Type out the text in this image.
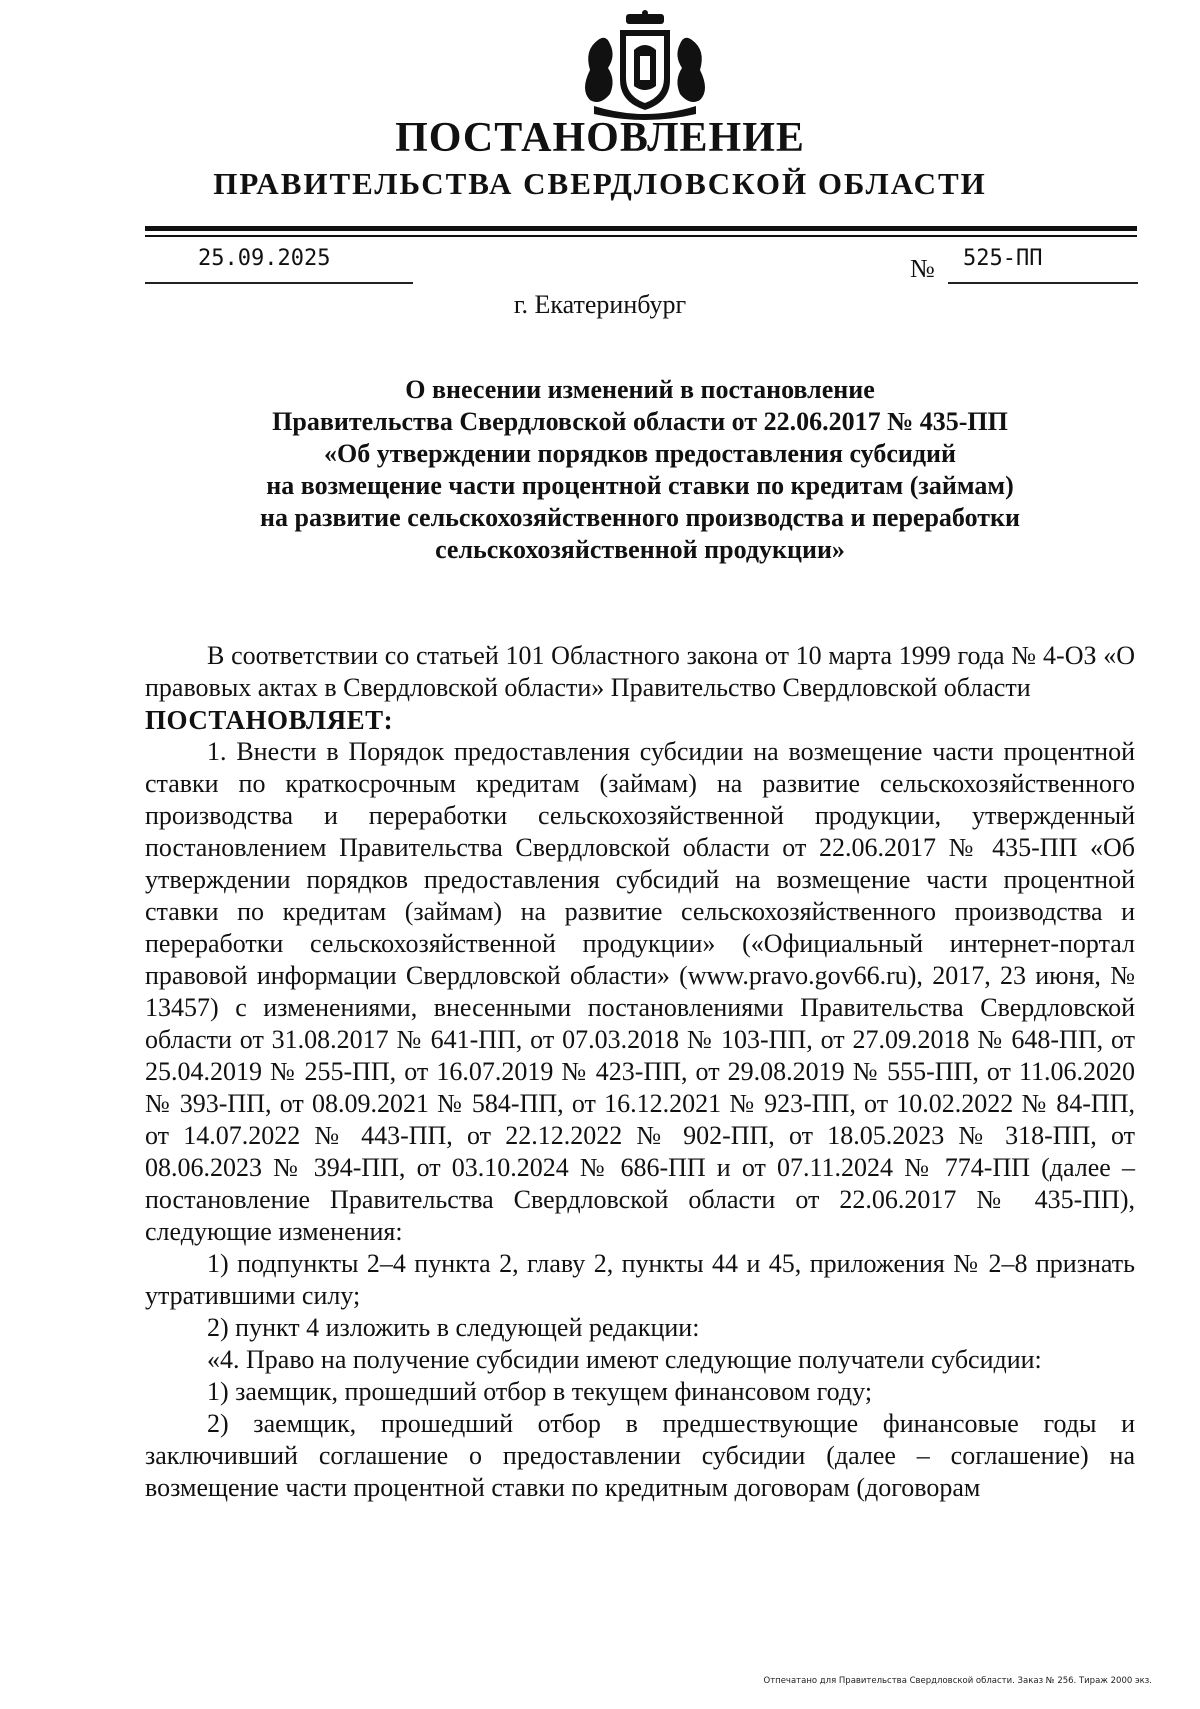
ПОСТАНОВЛЕНИЕ
ПРАВИТЕЛЬСТВА СВЕРДЛОВСКОЙ ОБЛАСТИ
25.09.2025	№ 525-ПП
г. Екатеринбург
О внесении изменений в постановление
Правительства Свердловской области от 22.06.2017 № 435-ПП
«Об утверждении порядков предоставления субсидий
на возмещение части процентной ставки по кредитам (займам)
на развитие сельскохозяйственного производства и переработки
сельскохозяйственной продукции»

В соответствии со статьей 101 Областного закона от 10 марта 1999 года № 4-ОЗ «О правовых актах в Свердловской области» Правительство Свердловской области

ПОСТАНОВЛЯЕТ:

1. Внести в Порядок предоставления субсидии на возмещение части процентной ставки по краткосрочным кредитам (займам) на развитие сельскохозяйственного производства и переработки сельскохозяйственной продукции, утвержденный постановлением Правительства Свердловской области от 22.06.2017 № 435-ПП «Об утверждении порядков предоставления субсидий на возмещение части процентной ставки по кредитам (займам) на развитие сельскохозяйственного производства и переработки сельскохозяйственной продукции» («Официальный интернет-портал правовой информации Свердловской области» (www.pravo.gov66.ru), 2017, 23 июня, № 13457) с изменениями, внесенными постановлениями Правительства Свердловской области от 31.08.2017 № 641-ПП, от 07.03.2018 № 103-ПП, от 27.09.2018 № 648-ПП, от 25.04.2019 № 255-ПП, от 16.07.2019 № 423-ПП, от 29.08.2019 № 555-ПП, от 11.06.2020 № 393-ПП, от 08.09.2021 № 584-ПП, от 16.12.2021 № 923-ПП, от 10.02.2022 № 84-ПП, от 14.07.2022 № 443-ПП, от 22.12.2022 № 902-ПП, от 18.05.2023 № 318-ПП, от 08.06.2023 № 394-ПП, от 03.10.2024 № 686-ПП и от 07.11.2024 № 774-ПП (далее – постановление Правительства Свердловской области от 22.06.2017 № 435-ПП), следующие изменения:

1) подпункты 2–4 пункта 2, главу 2, пункты 44 и 45, приложения № 2–8 признать утратившими силу;

2) пункт 4 изложить в следующей редакции:

«4. Право на получение субсидии имеют следующие получатели субсидии:

1) заемщик, прошедший отбор в текущем финансовом году;

2) заемщик, прошедший отбор в предшествующие финансовые годы и заключивший соглашение о предоставлении субсидии (далее – соглашение) на возмещение части процентной ставки по кредитным договорам (договорам

Отпечатано для Правительства Свердловской области. Заказ № 256. Тираж 2000 экз.
